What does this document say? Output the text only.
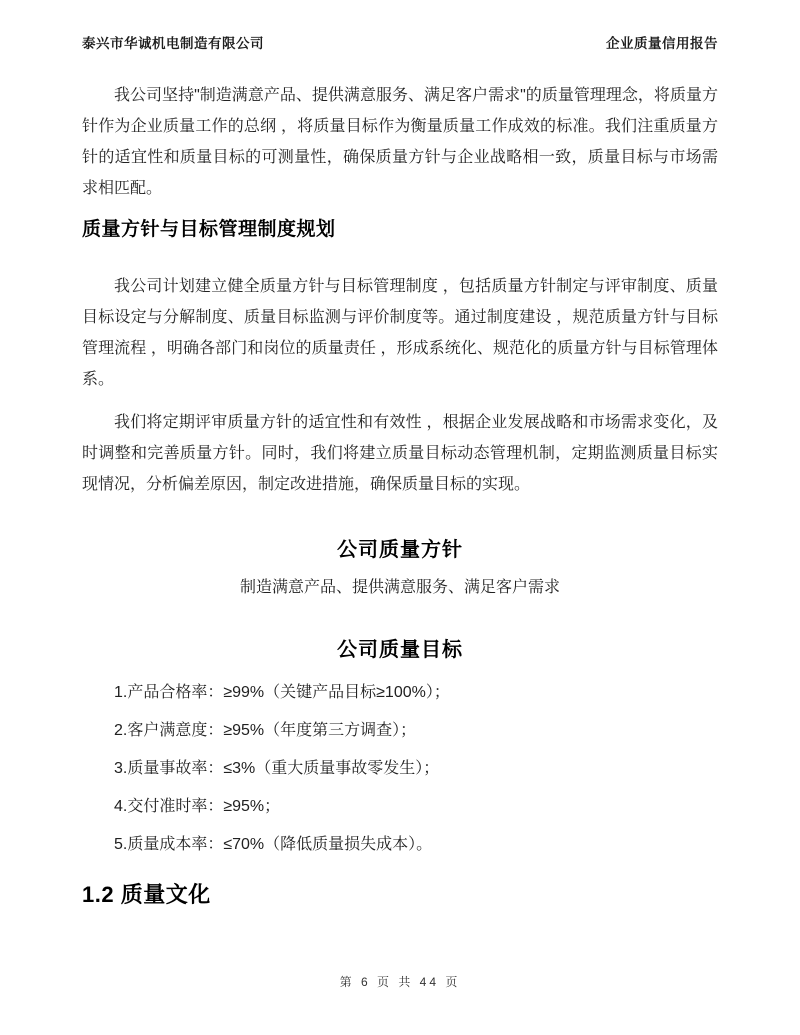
泰兴市华诚机电制造有限公司	企业质量信用报告

我公司坚持"制造满意产品、提供满意服务、满足客户需求"的质量管理理念，将质量方针作为企业质量工作的总纲 ，将质量目标作为衡量质量工作成效的标准。我们注重质量方针的适宜性和质量目标的可测量性，确保质量方针与企业战略相一致，质量目标与市场需求相匹配。

质量方针与目标管理制度规划

我公司计划建立健全质量方针与目标管理制度 ，包括质量方针制定与评审制度、质量目标设定与分解制度、质量目标监测与评价制度等。通过制度建设 ，规范质量方针与目标管理流程 ，明确各部门和岗位的质量责任 ，形成系统化、规范化的质量方针与目标管理体系。

我们将定期评审质量方针的适宜性和有效性 ，根据企业发展战略和市场需求变化，及时调整和完善质量方针。同时，我们将建立质量目标动态管理机制，定期监测质量目标实现情况，分析偏差原因，制定改进措施，确保质量目标的实现。

公司质量方针

制造满意产品、提供满意服务、满足客户需求

公司质量目标
1.产品合格率：≥99%（关键产品目标≥100%）；
2.客户满意度：≥95%（年度第三方调查）；
3.质量事故率：≤3%（重大质量事故零发生）；
4.交付准时率：≥95%；
5.质量成本率：≤70%（降低质量损失成本）。
1.2 质量文化
第 6 页 共 44 页
